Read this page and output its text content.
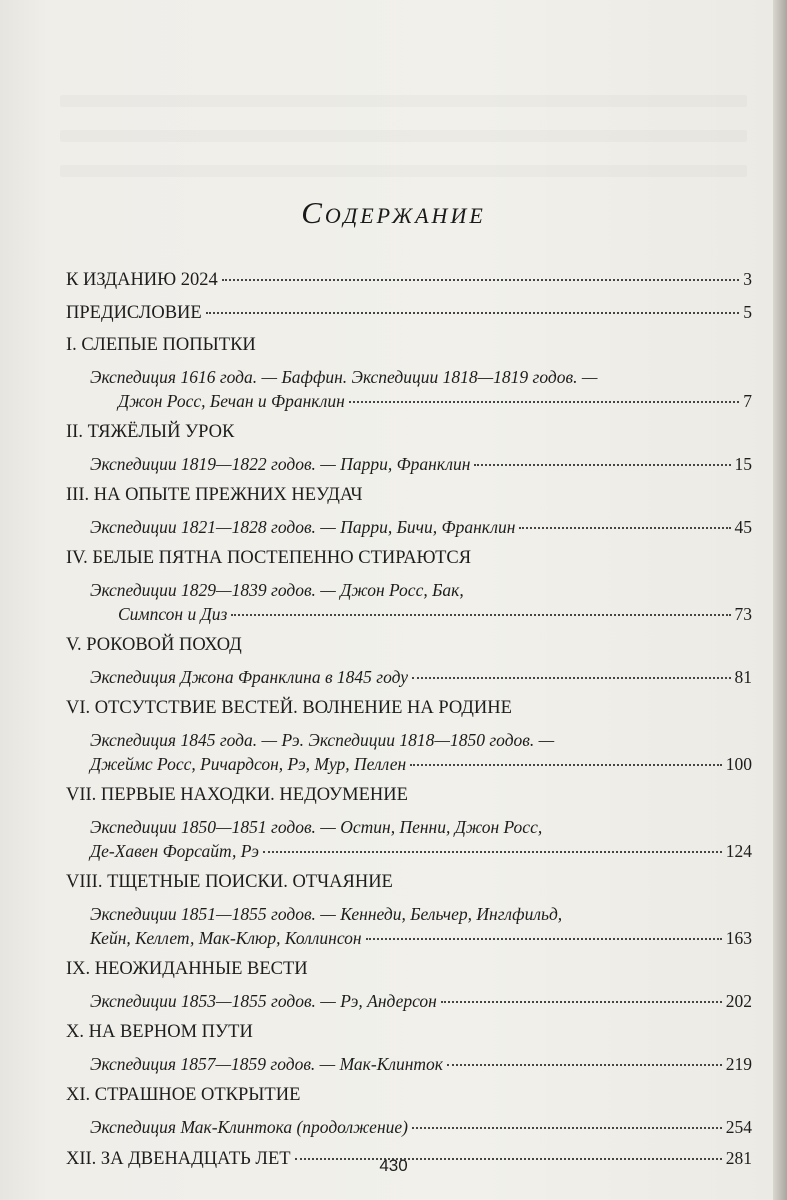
Содержание
К ИЗДАНИЮ 2024	3
ПРЕДИСЛОВИЕ	5
I. СЛЕПЫЕ ПОПЫТКИ
Экспедиция 1616 года. — Баффин. Экспедиции 1818—1819 годов. —
Джон Росс, Бечан и Франклин	7
II. ТЯЖЁЛЫЙ УРОК
Экспедиции 1819—1822 годов. — Парри, Франклин	15
III. НА ОПЫТЕ ПРЕЖНИХ НЕУДАЧ
Экспедиции 1821—1828 годов. — Парри, Бичи, Франклин	45
IV. БЕЛЫЕ ПЯТНА ПОСТЕПЕННО СТИРАЮТСЯ
Экспедиции 1829—1839 годов. — Джон Росс, Бак,
Симпсон и Диз	73
V. РОКОВОЙ ПОХОД
Экспедиция Джона Франклина в 1845 году	81
VI. ОТСУТСТВИЕ ВЕСТЕЙ. ВОЛНЕНИЕ НА РОДИНЕ
Экспедиция 1845 года. — Рэ. Экспедиции 1818—1850 годов. —
Джеймс Росс, Ричардсон, Рэ, Мур, Пеллен	100
VII. ПЕРВЫЕ НАХОДКИ. НЕДОУМЕНИЕ
Экспедиции 1850—1851 годов. — Остин, Пенни, Джон Росс,
Де-Хавен Форсайт, Рэ	124
VIII. ТЩЕТНЫЕ ПОИСКИ. ОТЧАЯНИЕ
Экспедиции 1851—1855 годов. — Кеннеди, Бельчер, Инглфильд,
Кейн, Келлет, Мак-Клюр, Коллинсон	163
IX. НЕОЖИДАННЫЕ ВЕСТИ
Экспедиции 1853—1855 годов. — Рэ, Андерсон	202
X. НА ВЕРНОМ ПУТИ
Экспедиция 1857—1859 годов. — Мак-Клинток	219
XI. СТРАШНОЕ ОТКРЫТИЕ
Экспедиция Мак-Клинтока (продолжение)	254
XII. ЗА ДВЕНАДЦАТЬ ЛЕТ	281
430
